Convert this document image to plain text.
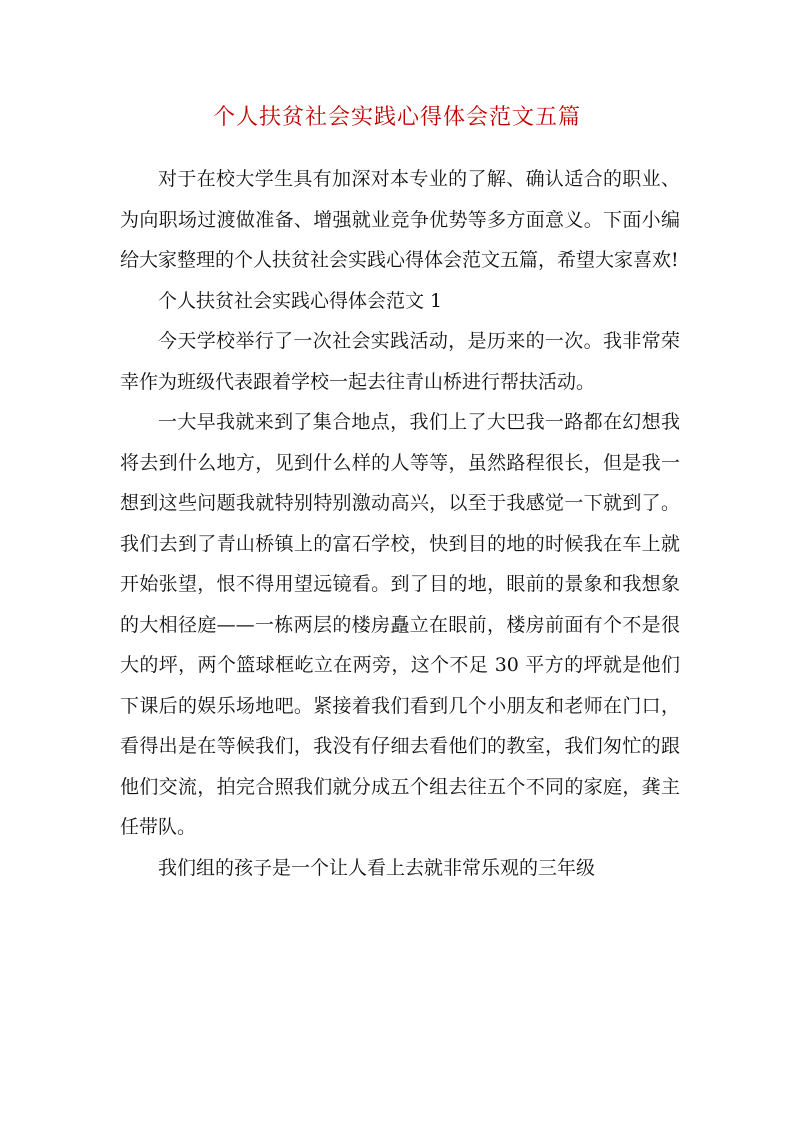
个人扶贫社会实践心得体会范文五篇

对于在校大学生具有加深对本专业的了解、确认适合的职业、为向职场过渡做准备、增强就业竞争优势等多方面意义。下面小编给大家整理的个人扶贫社会实践心得体会范文五篇，希望大家喜欢!

个人扶贫社会实践心得体会范文 1

今天学校举行了一次社会实践活动，是历来的一次。我非常荣幸作为班级代表跟着学校一起去往青山桥进行帮扶活动。

一大早我就来到了集合地点，我们上了大巴我一路都在幻想我将去到什么地方，见到什么样的人等等，虽然路程很长，但是我一想到这些问题我就特别特别激动高兴，以至于我感觉一下就到了。我们去到了青山桥镇上的富石学校，快到目的地的时候我在车上就开始张望，恨不得用望远镜看。到了目的地，眼前的景象和我想象的大相径庭——一栋两层的楼房矗立在眼前，楼房前面有个不是很大的坪，两个篮球框屹立在两旁，这个不足 30 平方的坪就是他们下课后的娱乐场地吧。紧接着我们看到几个小朋友和老师在门口，看得出是在等候我们，我没有仔细去看他们的教室，我们匆忙的跟他们交流，拍完合照我们就分成五个组去往五个不同的家庭，龚主任带队。

我们组的孩子是一个让人看上去就非常乐观的三年级
